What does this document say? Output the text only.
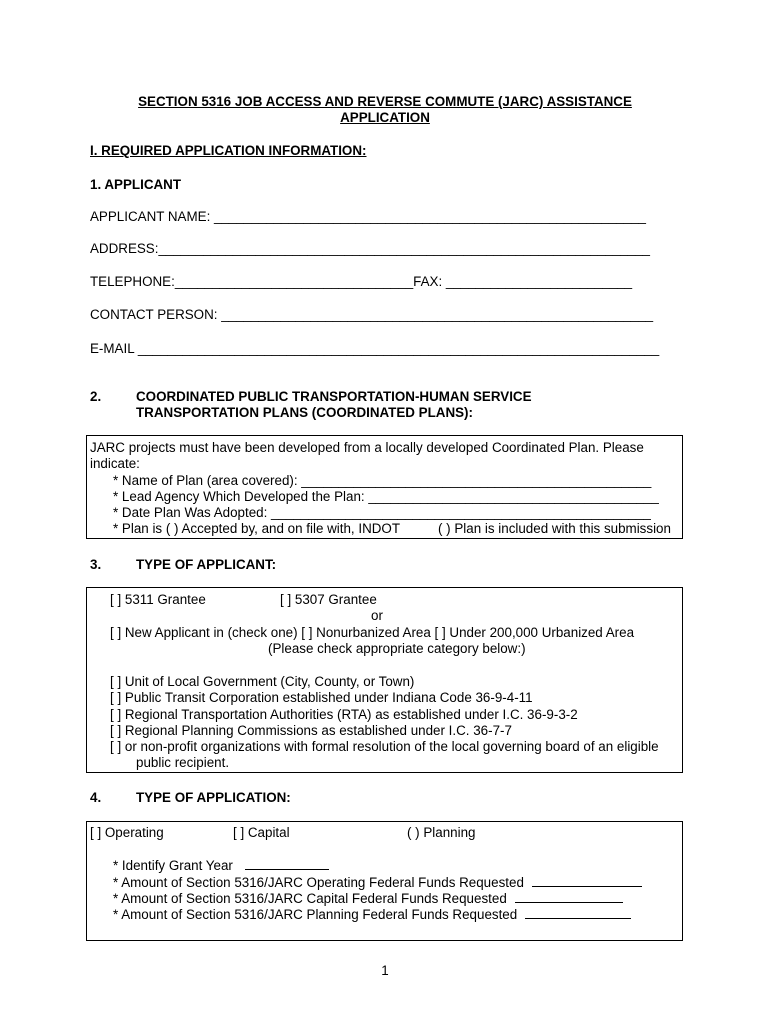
SECTION 5316 JOB ACCESS AND REVERSE COMMUTE (JARC) ASSISTANCE
APPLICATION
I. REQUIRED APPLICATION INFORMATION:
1. APPLICANT
APPLICANT NAME: __________________________________________________________
ADDRESS:__________________________________________________________________
TELEPHONE:________________________________FAX: _________________________
CONTACT PERSON: __________________________________________________________
E-MAIL ______________________________________________________________________
2.	COORDINATED PUBLIC TRANSPORTATION-HUMAN SERVICE
TRANSPORTATION PLANS (COORDINATED PLANS):
JARC projects must have been developed from a locally developed Coordinated Plan. Please
indicate:
* Name of Plan (area covered): _______________________________________________
* Lead Agency Which Developed the Plan: _______________________________________
* Date Plan Was Adopted: ___________________________________________________
* Plan is ( ) Accepted by, and on file with, INDOT	( ) Plan is included with this submission
3.	TYPE OF APPLICANT:
[ ] 5311 Grantee	[ ] 5307 Grantee
or
[ ] New Applicant in (check one) [ ] Nonurbanized Area [ ] Under 200,000 Urbanized Area
(Please check appropriate category below:)
[ ] Unit of Local Government (City, County, or Town)
[ ] Public Transit Corporation established under Indiana Code 36-9-4-11
[ ] Regional Transportation Authorities (RTA) as established under I.C. 36-9-3-2
[ ] Regional Planning Commissions as established under I.C. 36-7-7
[ ] or non-profit organizations with formal resolution of the local governing board of an eligible
public recipient.
4.	TYPE OF APPLICATION:
[ ] Operating	[ ] Capital	( ) Planning
* Identify Grant Year
* Amount of Section 5316/JARC Operating Federal Funds Requested
* Amount of Section 5316/JARC Capital Federal Funds Requested
* Amount of Section 5316/JARC Planning Federal Funds Requested
1
